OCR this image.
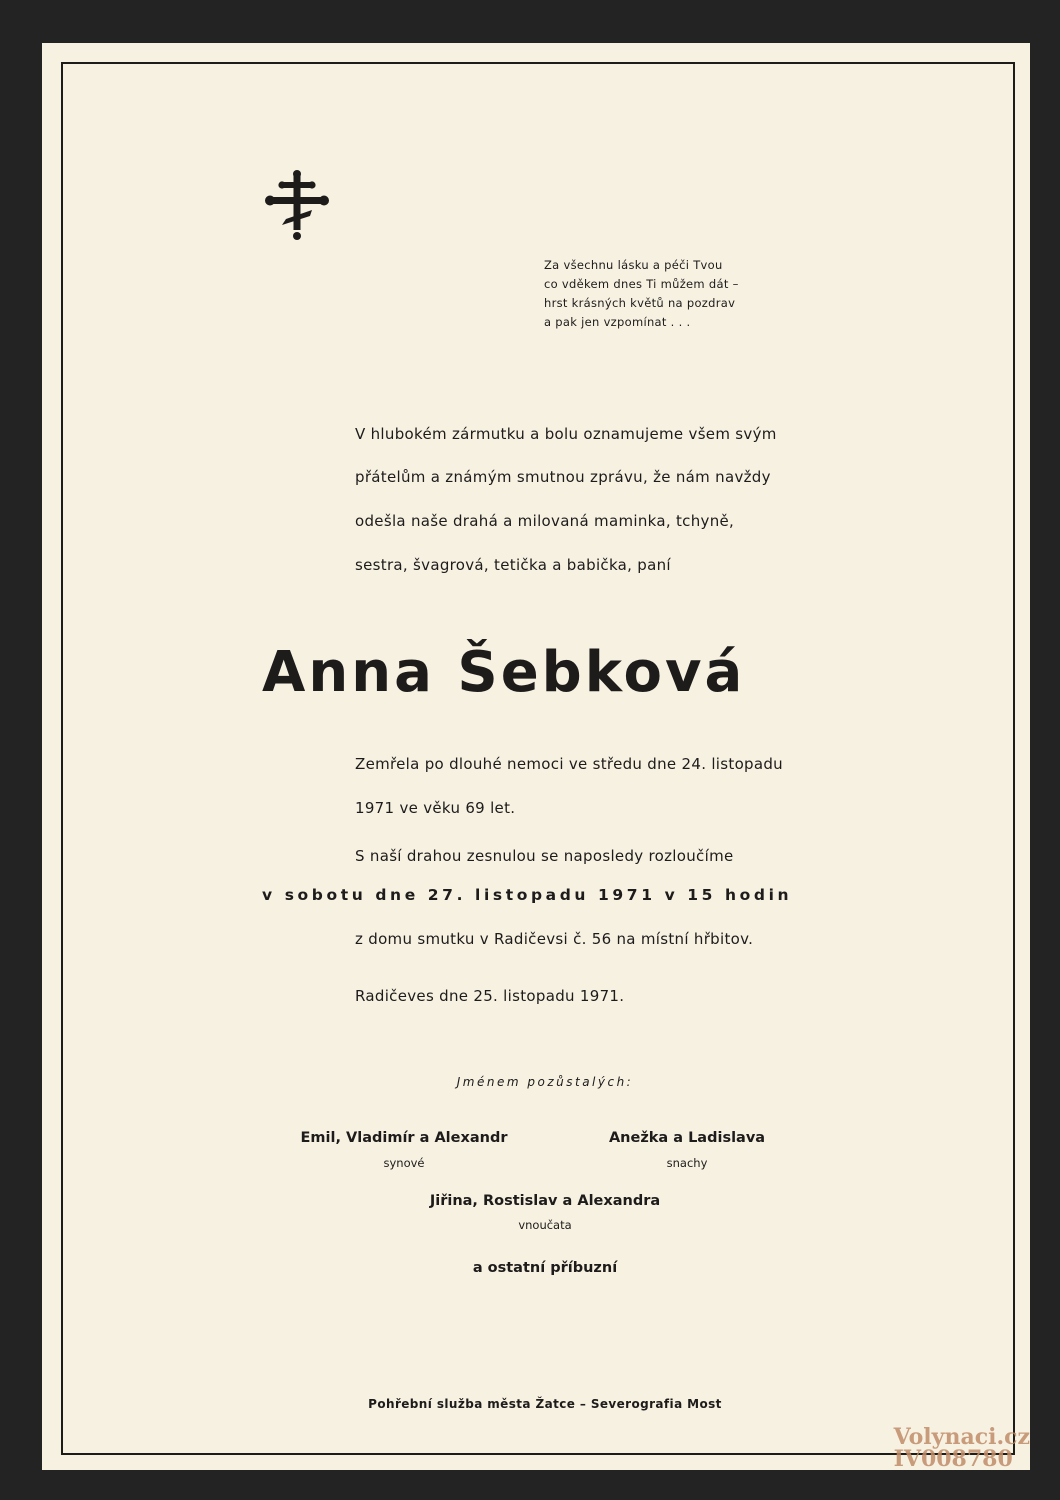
Za všechnu lásku a péči Tvou
co vděkem dnes Ti můžem dát –
hrst krásných květů na pozdrav
a pak jen vzpomínat . . .

V hlubokém zármutku a bolu oznamujeme všem svým

přátelům a známým smutnou zprávu, že nám navždy

odešla naše drahá a milovaná maminka, tchyně,

sestra, švagrová, tetička a babička, paní

Anna Šebková

Zemřela po dlouhé nemoci ve středu dne 24. listopadu

1971 ve věku 69 let.

S naší drahou zesnulou se naposledy rozloučíme

v sobotu dne 27. listopadu 1971 v 15 hodin

z domu smutku v Radičevsi č. 56 na místní hřbitov.

Radičeves dne 25. listopadu 1971.

Jménem pozůstalých:

Emil, Vladimír a Alexandr

synové

Anežka a Ladislava

snachy

Jiřina, Rostislav a Alexandra

vnoučata

a ostatní příbuzní

Pohřební služba města Žatce – Severografia Most

Volynaci.cz
IV008780
